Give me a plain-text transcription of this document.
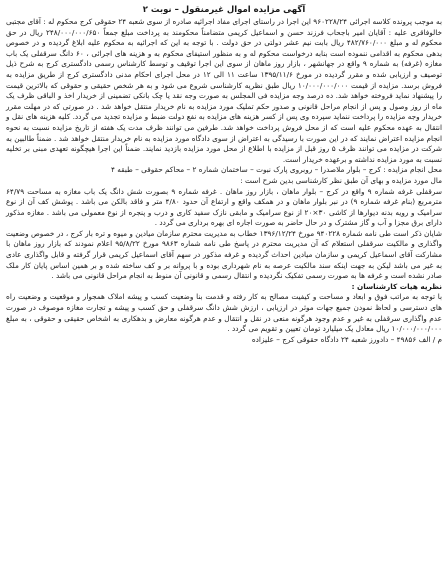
آگهی مزایده اموال غیرمنقول – نوبت ۲

به موجب پرونده کلاسه اجرائی ۹۶۰۲۲۸/۲۴ این اجرا در راستای اجرای مفاد اجرائیه صادره از سوی شعبه ۲۴ حقوقی کرج محکوم له : آقای مجتبی خالوفاقری علیه : آقایان امیر باجحاب فرزند حسن و اسماعیل کریمی متضامناً محکومند به پرداخت مبلغ جمعاً ۲۴۸/۰۰۰/۰۰۰/۶۵۰ ریال در حق محکوم له و مبلغ ۴۸۲/۷۶۰/۰۰۰ ریال بابت نیم عشر دولتی در حق دولت . با توجه به این که اجرائیه به محکوم علیه ابلاغ گردیده و در خصوص بدهی محکوم به اقدامی ننموده است بنابه درخواست محکوم له و به منظور استیفای محکوم به و هزینه های اجرائی ، ۶۰ دانگ سرقفلی یک باب مغازه (غرفه) به شماره ۹ واقع در جهانشهر ، بازار روز ماهان از سوی این اجرا توقیف و توسط کارشناس رسمی دادگستری کرج به شرح ذیل توصیف و ارزیابی شده و مقرر گردیده در مورخ ۱۳۹۵/۱۱/۶ ساعت ۱۱ الی ۱۲ در محل اجرای احکام مدنی دادگستری کرج از طریق مزایده به فروش برسد. مزایده از قیمت ۱۰/۰۰۰/۰۰۰/۰۰۰ ریال طبق نظریه کارشناسی شروع می شود و به هر شخص حقیقی و حقوقی که بالاترین قیمت را پیشنهاد نماید فروخته خواهد شد. ده درصد وجه مزایده فی المجلس به صورت وجه نقد یا چک بانکی تضمینی از خریدار اخذ و الباقی ظرف یک ماه از روز وصول و پس از انجام مراحل قانونی و صدور حکم تملیک مورد مزایده به نام خریدار منتقل خواهد شد . در صورتی که در مهلت مقرر خریدار وجه مزایده را پرداخت ننماید سپرده وی پس از کسر هزینه های مزایده به نفع دولت ضبط و مزایده تجدید می گردد. کلیه هزینه های نقل و انتقال به عهده محکوم علیه است که از محل فروش پرداخت خواهد شد. طرفین می توانند ظرف مدت یک هفته از تاریخ مزایده نسبت به نحوه انجام مزایده اعتراض نمایند که در این صورت با رسیدگی به اعتراض از سوی دادگاه مورد مزایده به نام خریدار منتقل خواهد شد . ضمناً طالبین به شرکت در مزایده می توانند ظرف ۵ روز قبل از مزایده با اطلاع از محل مورد مزایده بازدید نمایند. ضمناً این اجرا هیچگونه تعهدی مبنی بر تخلیه نسبت به مورد مزایده نداشته و برعهده خریدار است.

محل انجام مزایده : کرج – بلوار ملاصدرا – روبروی پارک نبوت – ساختمان شماره ۲ – محاکم حقوقی – طبقه ۴

مال مورد مزایده و بهای آن طبق نظر کارشناسی بدین شرح است :

سرقفلی غرفه شماره ۹ واقع در کرج – بلوار ماهان ، بازار روز ماهان . غرفه شماره ۹ بصورت شش دانگ یک باب مغازه به مساحت ۶۴/۷۹ مترمربع (بنام غرفه شماره ۹) در نبر بلوار ماهان و در همکف واقع و ارتفاع آن حدود ۴/۸۰ متر و فاقد بالکن می باشد . پوشش کف آن از نوع سرامیک و رویه بدنه دیوارها از کاشی ۳۰×۲۰ از نوع سرامیک و مابقی نازک سفید کاری و درب و پنجره از نوع معمولی می باشد . مغازه مذکور دارای برق مجزا و آب و گاز مشترک و در حال حاضر به صورت اجاره ای بهره برداری می گردد .

شایان ذکر است طی نامه شماره ۹۴۰۲۲۸ مورخ ۱۳۹۶/۱۲/۲۴ خطاب به مدیریت محترم سازمان میادین و میوه و تره بار کرج ، در خصوص وضعیت واگذاری و مالکیت سرقفلی استعلام که آن مدیریت محترم در پاسخ طی نامه شماره ۹۸۶۳ مورخ ۹۵/۸/۲۲ اعلام نمودند که بازار روز ماهان با مشارکت آقای اسماعیل کریمی و سازمان میادین احداث گردیده و غرفه مذکور در سهم آقای اسماعیل کریمی قرار گرفته و قابل واگذاری عادی به غیر می باشد لیکن به جهت اینکه سند مالکیت عرصه به نام شهرداری بوده و با پروانه بر و کف ساخته شده و بر همین اساس پایان کار ملک صادر نشده است و غرفه ها به صورت رسمی تفکیک نگردیده و انتقال رسمی و قانونی آن منوط به انجام مراحل قانونی می باشد .

نظریه هیات کارشناسان :

با توجه به مراتب فوق و ابعاد و مساحت و کیفیت مصالح به کار رفته و قدمت بنا وضعیت کسب و پیشه املاک همجوار و موقعیت و وضعیت راه های دسترسی و لحاظ نمودن جمیع جهات موثر در ارزیابی ، ارزش شش دانگ سرقفلی و حق کسب و پیشه و تجارت مغازه موصوف در صورت عدم واگذاری سرقفلی به غیر و عدم وجود هرگونه منعی در نقل و انتقال و عدم هرگونه معارض و بدهکاری به اشخاص حقیقی و حقوقی ، به مبلغ ۱۰/۰۰۰/۰۰۰/۰۰۰ ریال معادل یک میلیارد تومان تعیین و تقویم می گردد .

م / الف ۴۹۸۵۶ – دادورز شعبه ۲۴ دادگاه حقوقی کرج – علیزاده
